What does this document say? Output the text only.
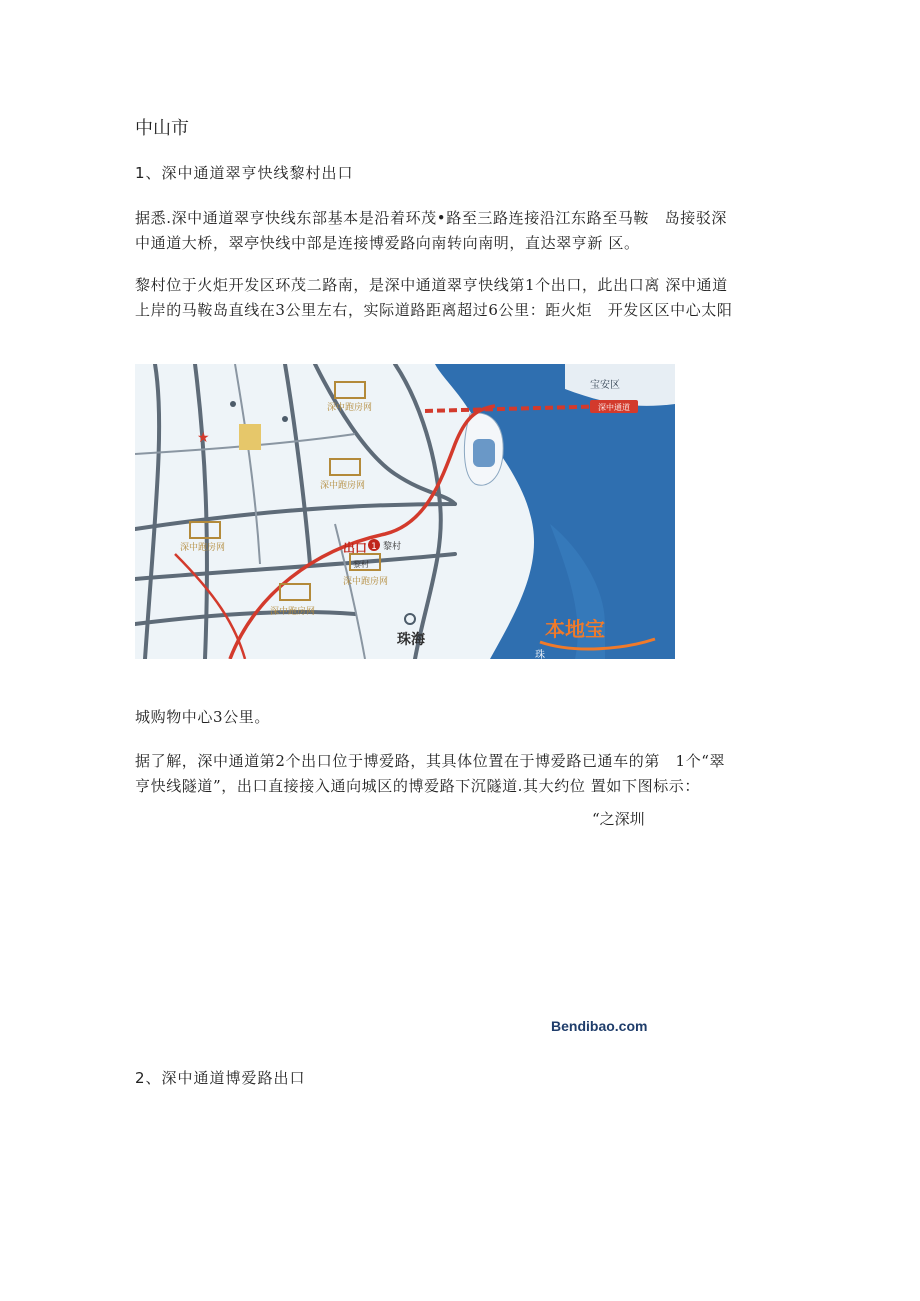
中山市
1、深中通道翠亨快线黎村出口
据悉.深中通道翠亨快线东部基本是沿着环茂•路至三路连接沿江东路至马鞍　岛接驳深
中通道大桥，翠亭快线中部是连接博爱路向南转向南明，直达翠亨新 区。
黎村位于火炬开发区环茂二路南，是深中通道翠亨快线第1个出口，此出口离 深中通道
上岸的马鞍岛直线在3公里左右，实际道路距离超过6公里：距火炬　开发区区中心太阳
深中通道
宝安区
深中跑房网
深中跑房网
深中跑房网
深中跑房网
深中跑房网
出口 1 黎村
黎村
★
珠海	本地宝
珠
城购物中心3公里。
据了解，深中通道第2个出口位于博爱路，其具体位置在于博爱路已通车的第　1个“翠
亨快线隧道”，出口直接接入通向城区的博爱路下沉隧道.其大约位 置如下图标示：
“之深圳
Bendibao.com
2、深中通道博爱路出口
